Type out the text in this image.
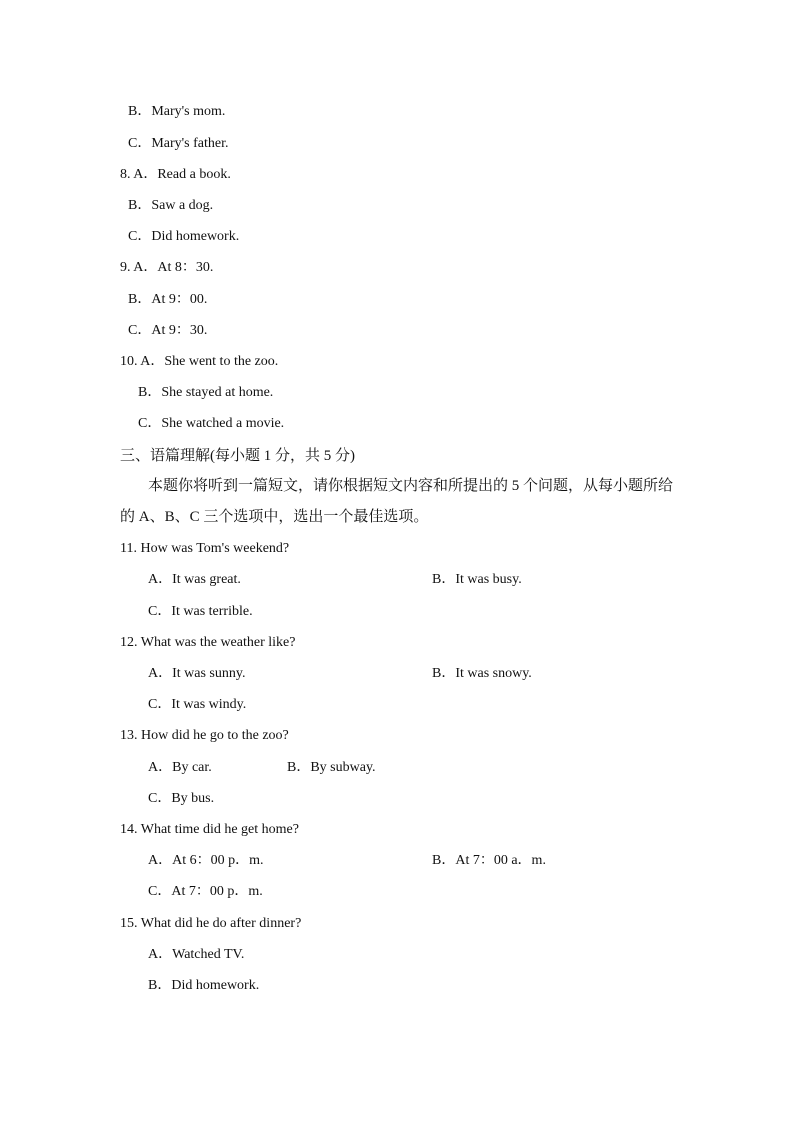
B．Mary's mom.
C．Mary's father.
8. A．Read a book.
B．Saw a dog.
C．Did homework.
9. A．At 8：30.
B．At 9：00.
C．At 9：30.
10. A．She went to the zoo.
B．She stayed at home.
C．She watched a movie.
三、语篇理解(每小题 1 分，共 5 分)
本题你将听到一篇短文，请你根据短文内容和所提出的 5 个问题，从每小题所给的 A、B、C 三个选项中，选出一个最佳选项。
11. How was Tom's weekend?
A．It was great.	B．It was busy.
C．It was terrible.
12. What was the weather like?
A．It was sunny.	B．It was snowy.
C．It was windy.
13. How did he go to the zoo?
A．By car.	B．By subway.
C．By bus.
14. What time did he get home?
A．At 6：00 p．m.	B．At 7：00 a．m.
C．At 7：00 p．m.
15. What did he do after dinner?
A．Watched TV.
B．Did homework.
